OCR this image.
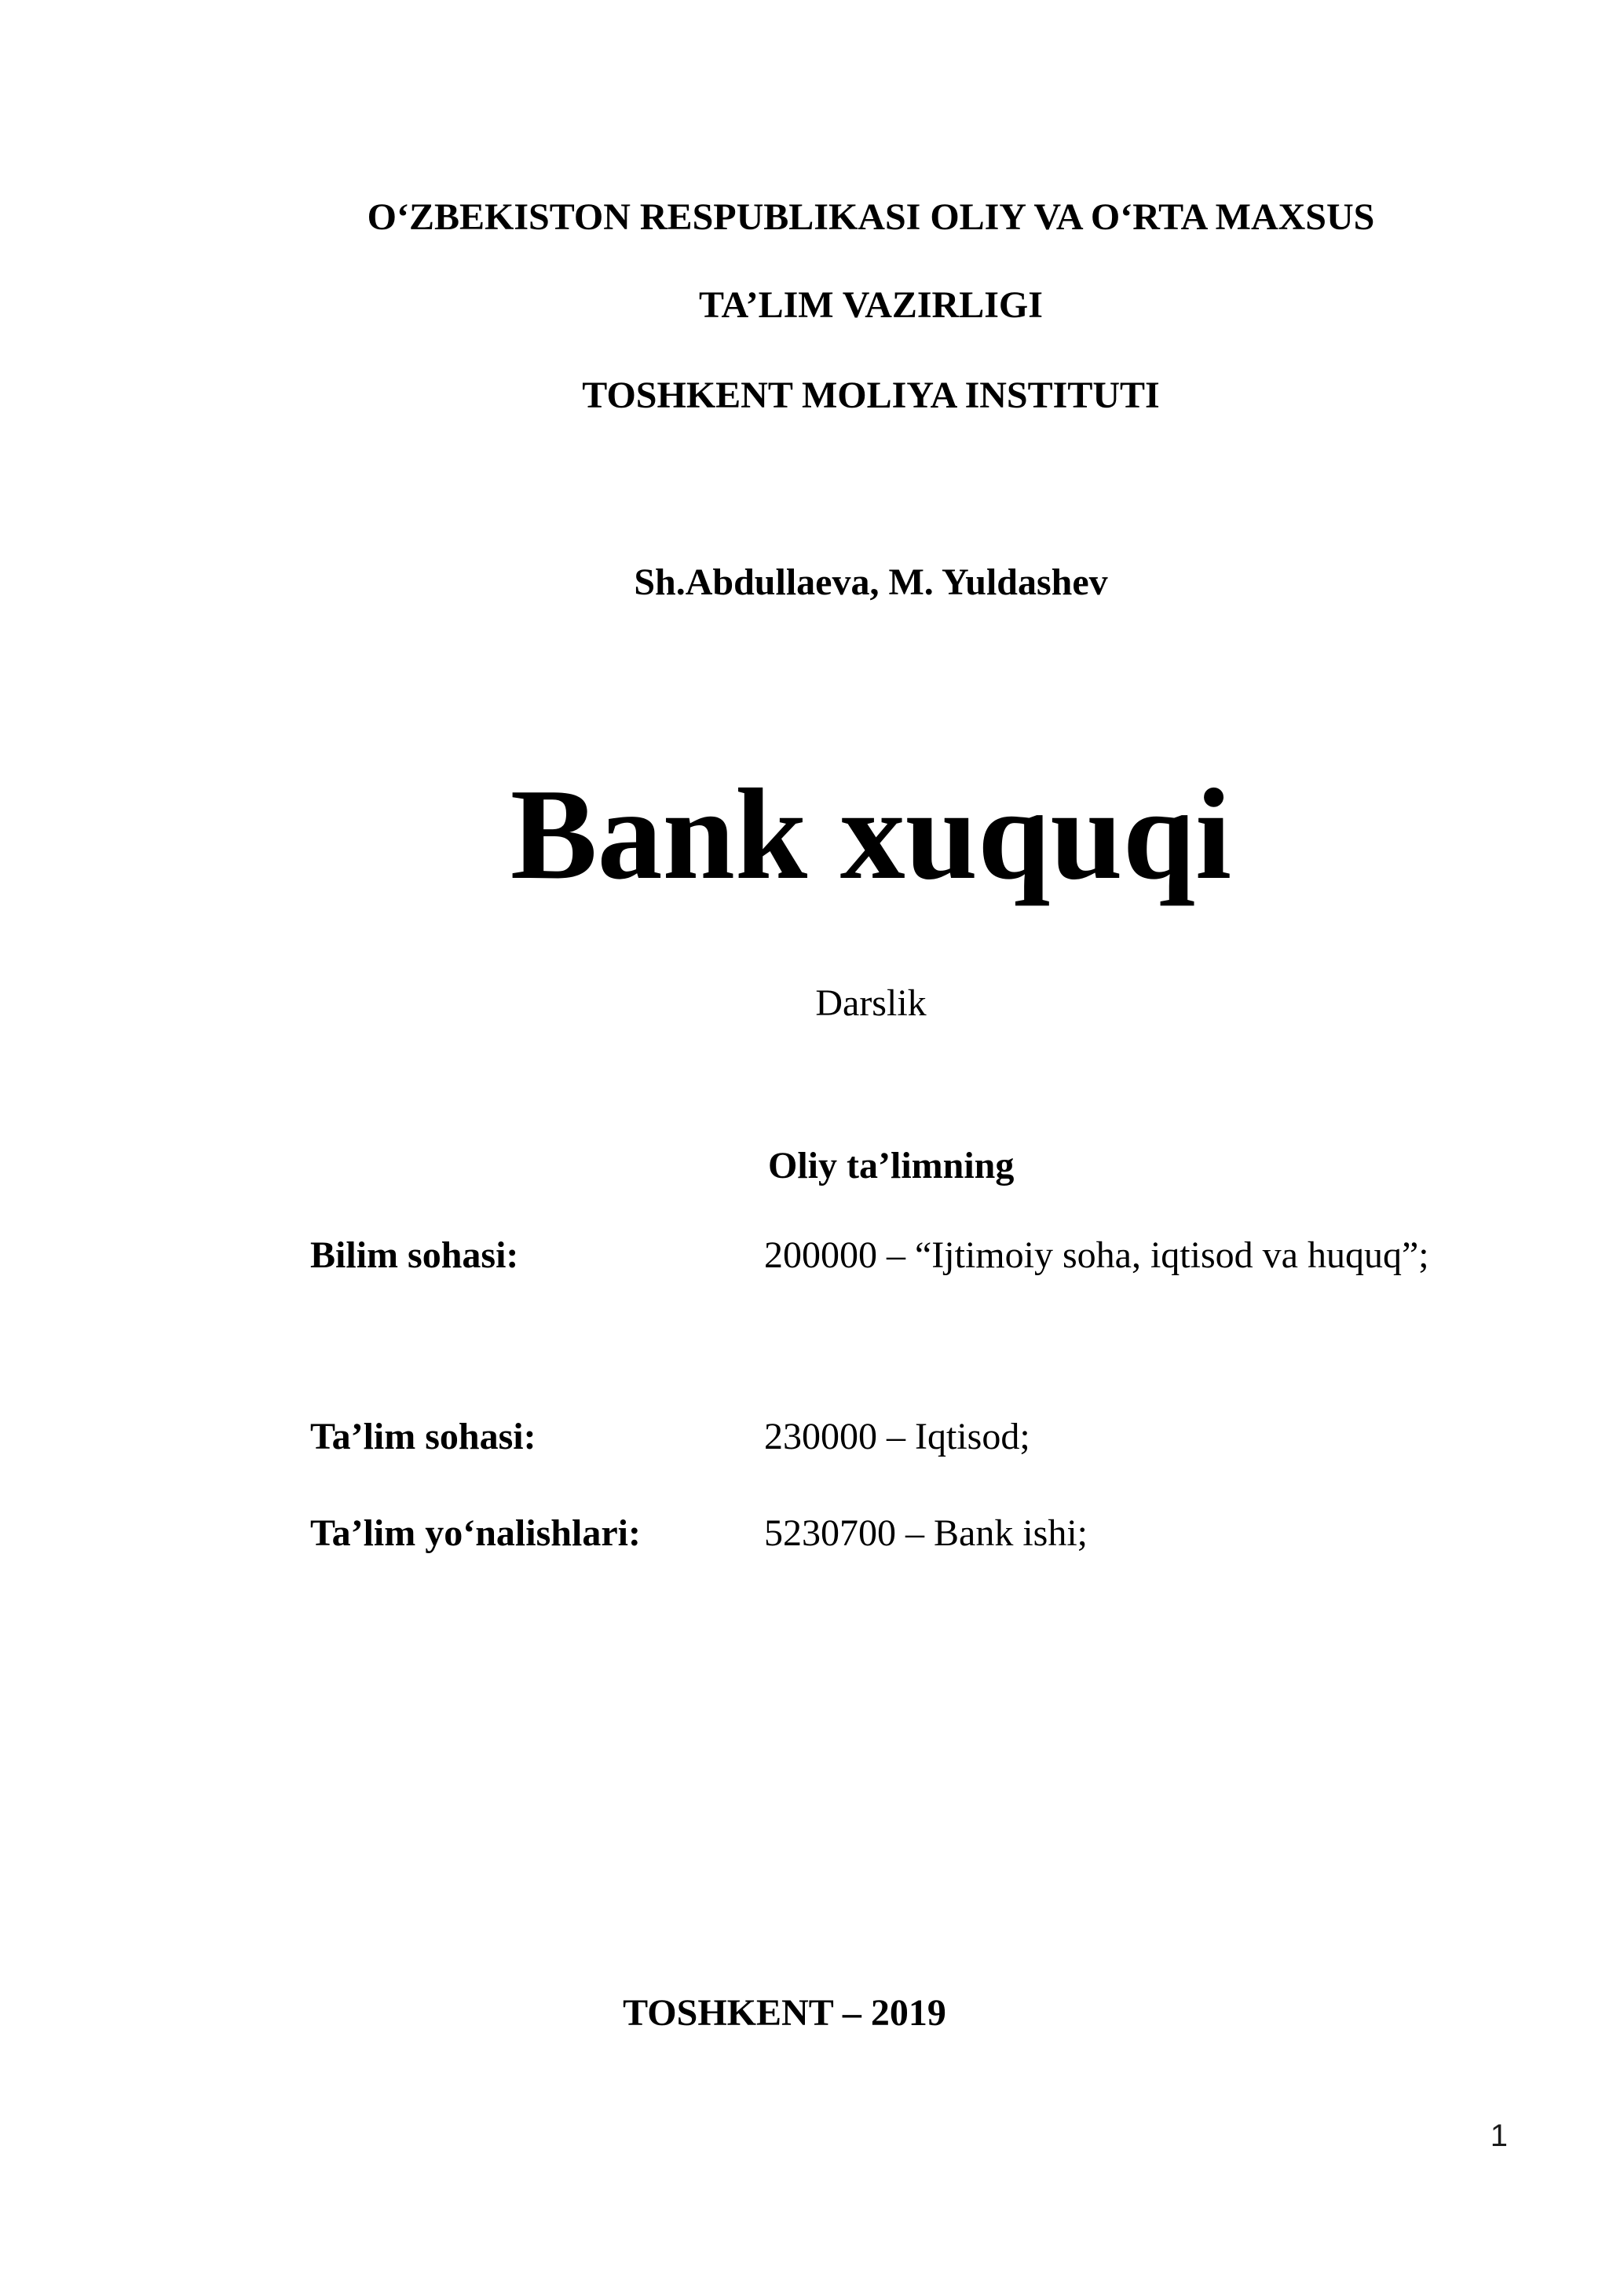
O‘ZBEKISTON RESPUBLIKASI OLIY VA O‘RTA MAXSUS
TA’LIM VAZIRLIGI
TOSHKENT MOLIYA INSTITUTI
Sh.Abdullaeva, M. Yuldashev
Bank xuquqi
Darslik
Oliy ta’limning
Bilim sohasi:	200000 – “Ijtimoiy soha, iqtisod va huquq”;
Ta’lim sohasi:	230000 – Iqtisod;
Ta’lim yo‘nalishlari:	5230700 – Bank ishi;
TOSHKENT – 2019
1
